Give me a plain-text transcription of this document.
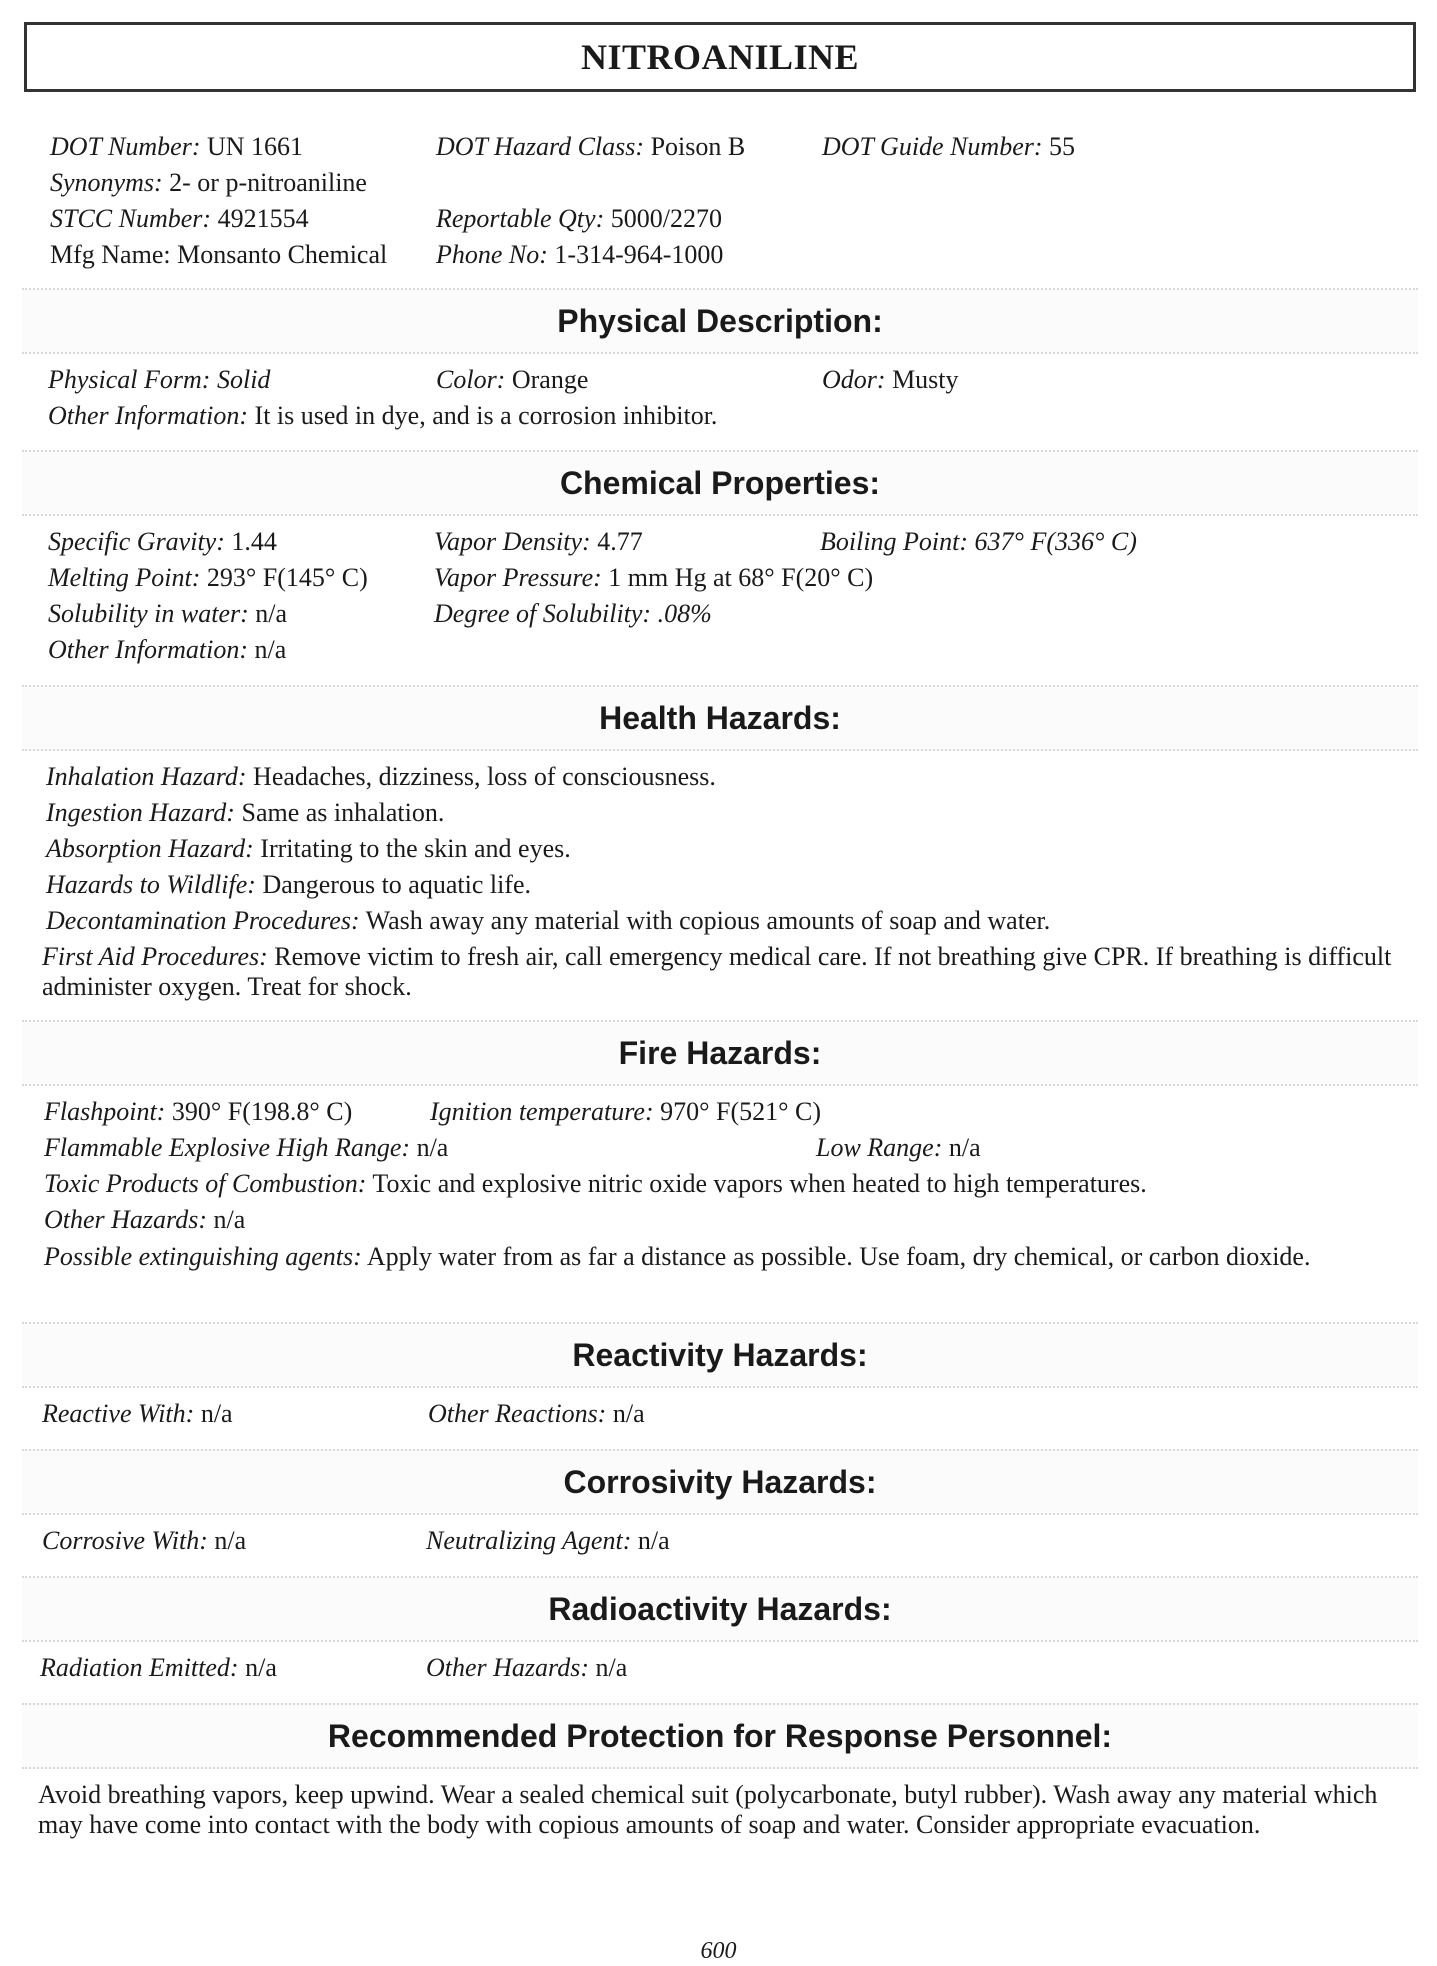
NITROANILINE
DOT Number: UN 1661	DOT Hazard Class: Poison B	DOT Guide Number: 55
Synonyms: 2- or p-nitroaniline
STCC Number: 4921554	Reportable Qty: 5000/2270
Mfg Name: Monsanto Chemical Phone No: 1-314-964-1000
Physical Description:
Physical Form: Solid	Color: Orange	Odor: Musty
Other Information: It is used in dye, and is a corrosion inhibitor.
Chemical Properties:
Specific Gravity: 1.44	Vapor Density: 4.77	Boiling Point: 637° F(336° C)
Melting Point: 293° F(145° C)	Vapor Pressure: 1 mm Hg at 68° F(20° C)
Solubility in water: n/a	Degree of Solubility: .08%
Other Information: n/a
Health Hazards:
Inhalation Hazard: Headaches, dizziness, loss of consciousness.
Ingestion Hazard: Same as inhalation.
Absorption Hazard: Irritating to the skin and eyes.
Hazards to Wildlife: Dangerous to aquatic life.
Decontamination Procedures: Wash away any material with copious amounts of soap and water.
First Aid Procedures: Remove victim to fresh air, call emergency medical care. If not breathing give CPR. If breathing is difficult administer oxygen. Treat for shock.
Fire Hazards:
Flashpoint: 390° F(198.8° C)	Ignition temperature: 970° F(521° C)
Flammable Explosive High Range: n/a	Low Range: n/a
Toxic Products of Combustion: Toxic and explosive nitric oxide vapors when heated to high temperatures.
Other Hazards: n/a
Possible extinguishing agents: Apply water from as far a distance as possible. Use foam, dry chemical, or carbon dioxide.
Reactivity Hazards:
Reactive With: n/a	Other Reactions: n/a
Corrosivity Hazards:
Corrosive With: n/a	Neutralizing Agent: n/a
Radioactivity Hazards:
Radiation Emitted: n/a	Other Hazards: n/a
Recommended Protection for Response Personnel:
Avoid breathing vapors, keep upwind. Wear a sealed chemical suit (polycarbonate, butyl rubber). Wash away any material which may have come into contact with the body with copious amounts of soap and water. Consider appropriate evacuation.
600
